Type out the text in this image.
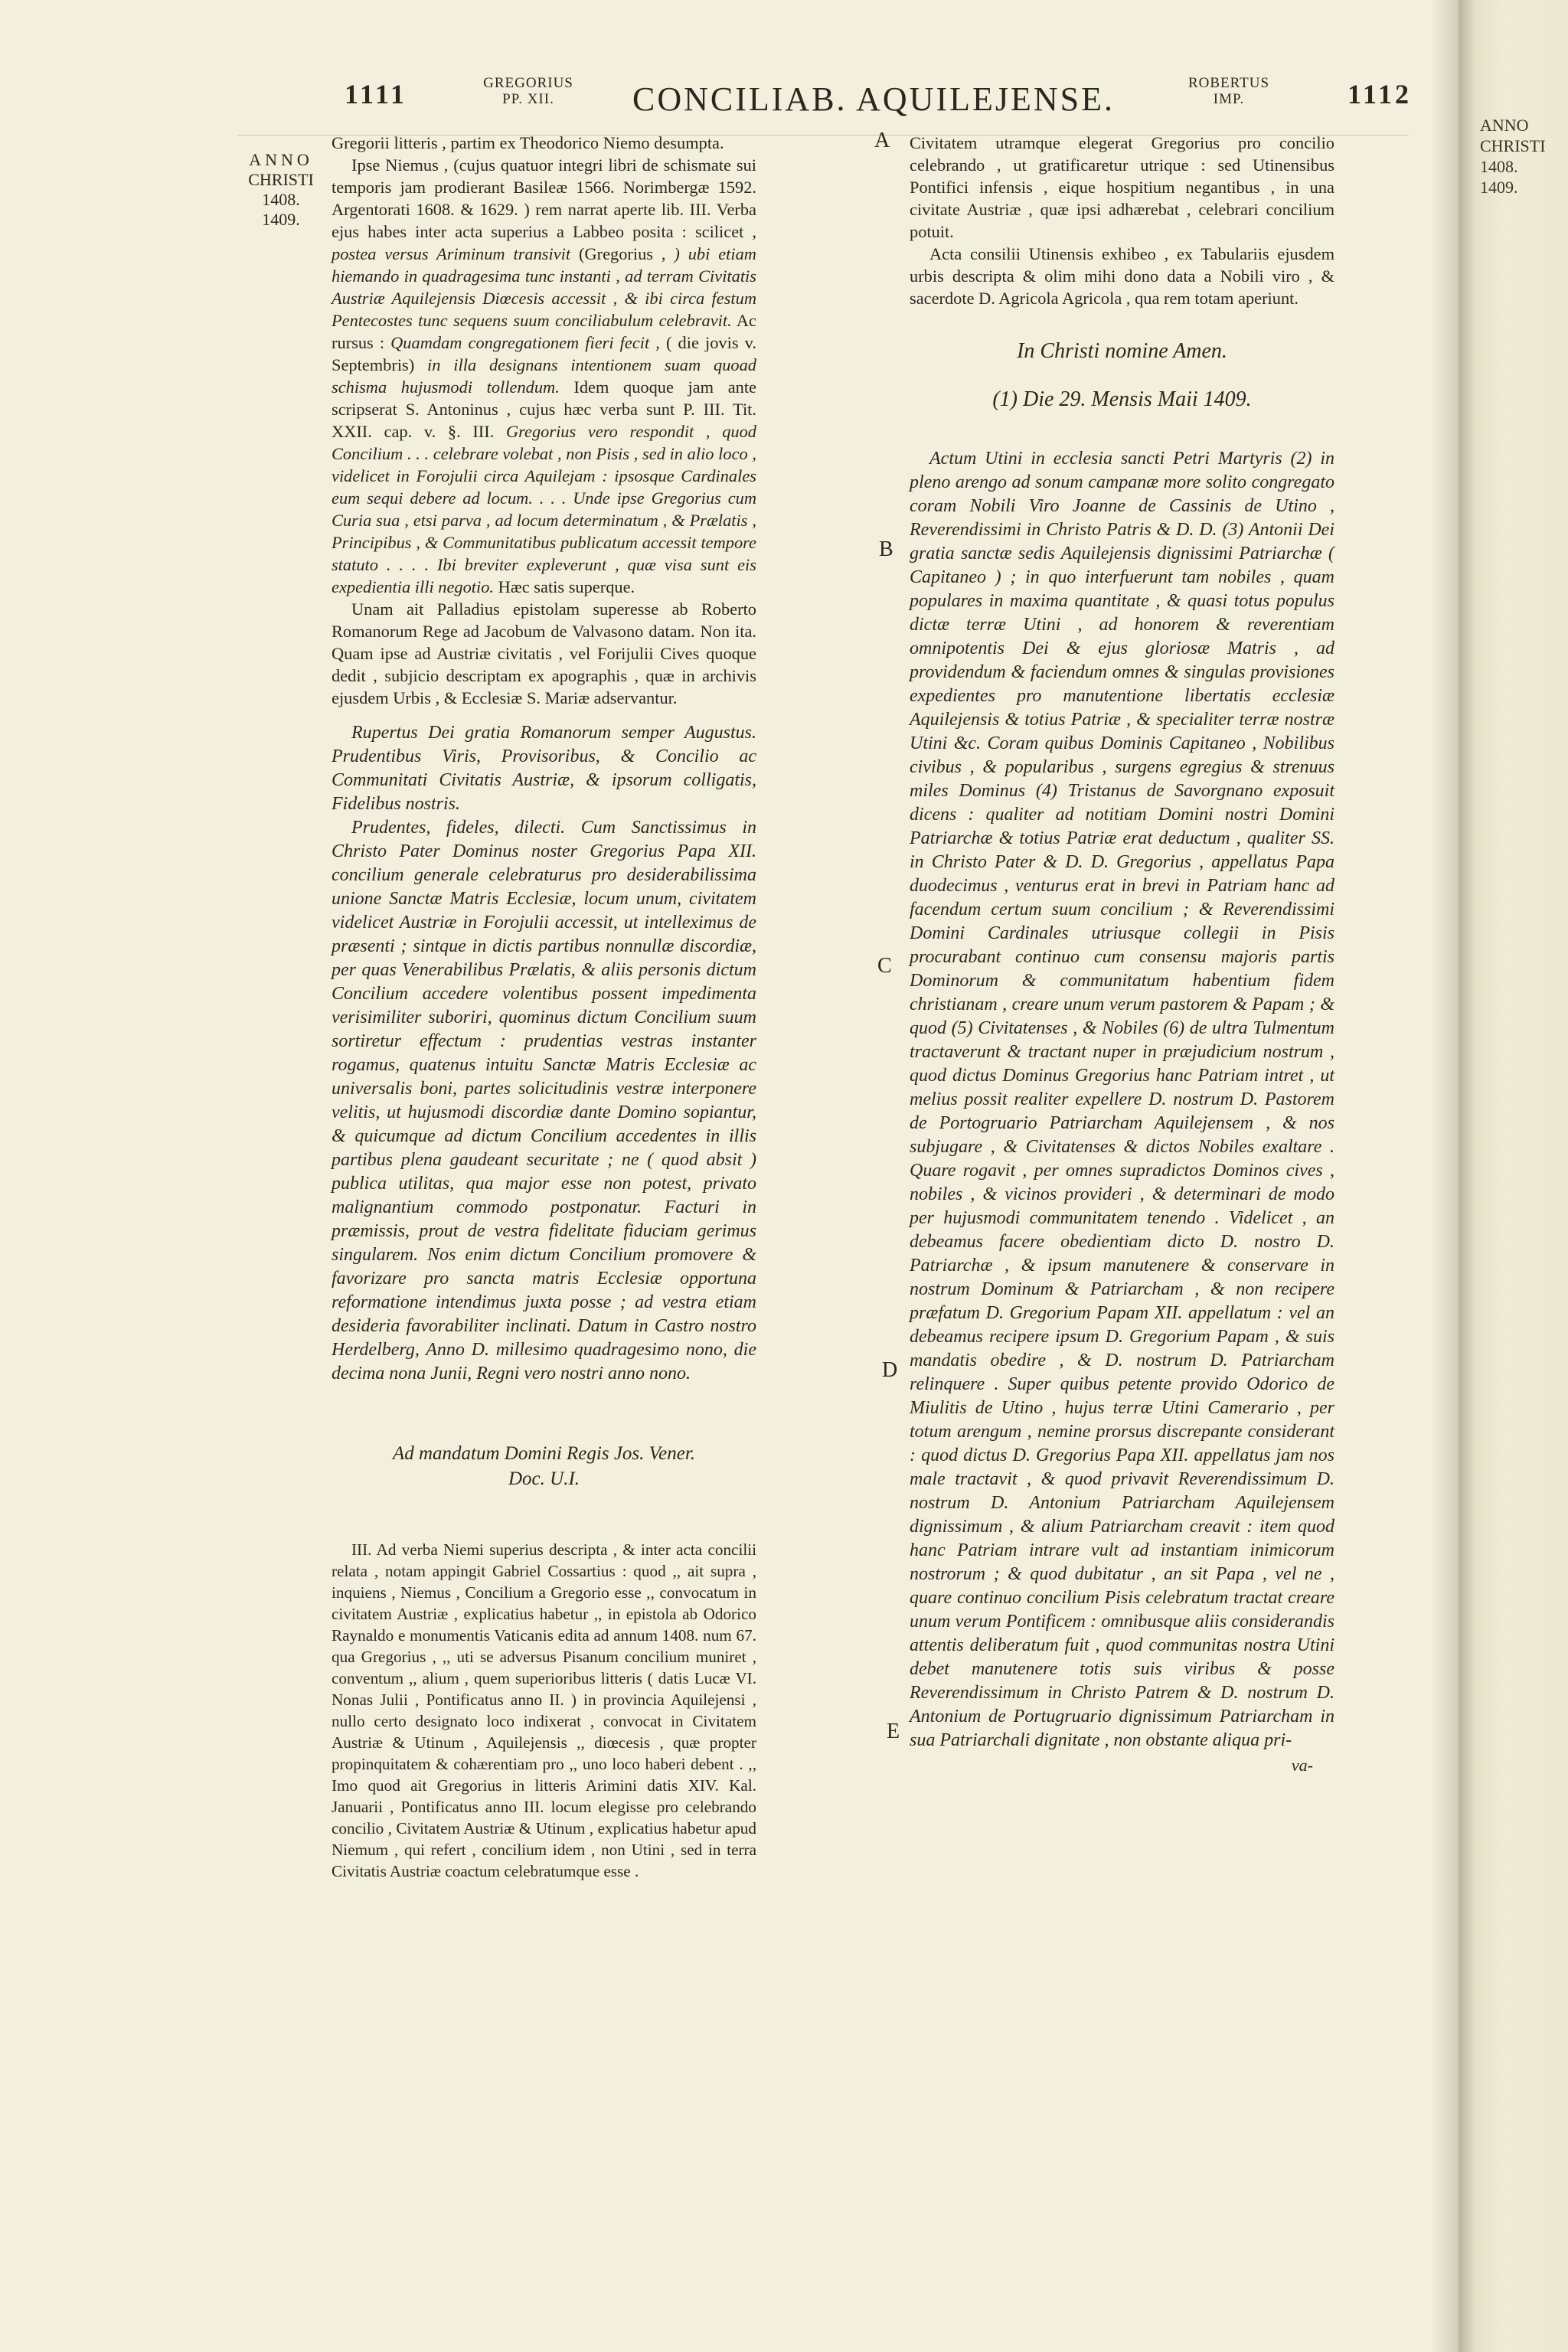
1111	GREGORIUS
PP. XII.	CONCILIAB. AQUILEJENSE.	ROBERTUS
IMP.	1112
ANNO
CHRISTI
1408.
1409.
A
B
C
D
E

Gregorii litteris , partim ex Theodorico Niemo desumpta.

Ipse Niemus , (cujus quatuor integri libri de schismate sui temporis jam prodierant Basileæ 1566. Norimbergæ 1592. Argentorati 1608. & 1629. ) rem narrat aperte lib. III. Verba ejus habes inter acta superius a Labbeo posita : scilicet , postea versus Ariminum transivit (Gregorius , ) ubi etiam hiemando in quadragesima tunc instanti , ad terram Civitatis Austriæ Aquilejensis Diœcesis accessit , & ibi circa festum Pentecostes tunc sequens suum conciliabulum celebravit. Ac rursus : Quamdam congregationem fieri fecit , ( die jovis v. Septembris) in illa designans intentionem suam quoad schisma hujusmodi tollendum. Idem quoque jam ante scripserat S. Antoninus , cujus hæc verba sunt P. III. Tit. XXII. cap. v. §. III. Gregorius vero respondit , quod Concilium . . . celebrare volebat , non Pisis , sed in alio loco , videlicet in Forojulii circa Aquilejam : ipsosque Cardinales eum sequi debere ad locum. . . . Unde ipse Gregorius cum Curia sua , etsi parva , ad locum determinatum , & Prælatis , Principibus , & Communitatibus publicatum accessit tempore statuto . . . . Ibi breviter expleverunt , quæ visa sunt eis expedientia illi negotio. Hæc satis superque.

Unam ait Palladius epistolam superesse ab Roberto Romanorum Rege ad Jacobum de Valvasono datam. Non ita. Quam ipse ad Austriæ civitatis , vel Forijulii Cives quoque dedit , subjicio descriptam ex apographis , quæ in archivis ejusdem Urbis , & Ecclesiæ S. Mariæ adservantur.

Rupertus Dei gratia Romanorum semper Augustus. Prudentibus Viris, Provisoribus, & Concilio ac Communitati Civitatis Austriæ, & ipsorum colligatis, Fidelibus nostris.

Prudentes, fideles, dilecti. Cum Sanctissimus in Christo Pater Dominus noster Gregorius Papa XII. concilium generale celebraturus pro desiderabilissima unione Sanctæ Matris Ecclesiæ, locum unum, civitatem videlicet Austriæ in Forojulii accessit, ut intelleximus de præsenti ; sintque in dictis partibus nonnullæ discordiæ, per quas Venerabilibus Prælatis, & aliis personis dictum Concilium accedere volentibus possent impedimenta verisimiliter suboriri, quominus dictum Concilium suum sortiretur effectum : prudentias vestras instanter rogamus, quatenus intuitu Sanctæ Matris Ecclesiæ ac universalis boni, partes solicitudinis vestræ interponere velitis, ut hujusmodi discordiæ dante Domino sopiantur, & quicumque ad dictum Concilium accedentes in illis partibus plena gaudeant securitate ; ne ( quod absit ) publica utilitas, qua major esse non potest, privato malignantium commodo postponatur. Facturi in præmissis, prout de vestra fidelitate fiduciam gerimus singularem. Nos enim dictum Concilium promovere & favorizare pro sancta matris Ecclesiæ opportuna reformatione intendimus juxta posse ; ad vestra etiam desideria favorabiliter inclinati. Datum in Castro nostro Herdelberg, Anno D. millesimo quadragesimo nono, die decima nona Junii, Regni vero nostri anno nono.

Ad mandatum Domini Regis Jos. Vener.
Doc. U.I.

III. Ad verba Niemi superius descripta , & inter acta concilii relata , notam appingit Gabriel Cossartius : quod ,, ait supra , inquiens , Niemus , Concilium a Gregorio esse ,, convocatum in civitatem Austriæ , explicatius habetur ,, in epistola ab Odorico Raynaldo e monumentis Vaticanis edita ad annum 1408. num 67. qua Gregorius , ,, uti se adversus Pisanum concilium muniret , conventum ,, alium , quem superioribus litteris ( datis Lucæ VI. Nonas Julii , Pontificatus anno II. ) in provincia Aquilejensi , nullo certo designato loco indixerat , convocat in Civitatem Austriæ & Utinum , Aquilejensis ,, diœcesis , quæ propter propinquitatem & cohærentiam pro ,, uno loco haberi debent . ,, Imo quod ait Gregorius in litteris Arimini datis XIV. Kal. Januarii , Pontificatus anno III. locum elegisse pro celebrando concilio , Civitatem Austriæ & Utinum , explicatius habetur apud Niemum , qui refert , concilium idem , non Utini , sed in terra Civitatis Austriæ coactum celebratumque esse .

Civitatem utramque elegerat Gregorius pro concilio celebrando , ut gratificaretur utrique : sed Utinensibus Pontifici infensis , eique hospitium negantibus , in una civitate Austriæ , quæ ipsi adhærebat , celebrari concilium potuit.

Acta consilii Utinensis exhibeo , ex Tabulariis ejusdem urbis descripta & olim mihi dono data a Nobili viro , & sacerdote D. Agricola Agricola , qua rem totam aperiunt.

In Christi nomine Amen.
(1) Die 29. Mensis Maii 1409.

Actum Utini in ecclesia sancti Petri Martyris (2) in pleno arengo ad sonum campanæ more solito congregato coram Nobili Viro Joanne de Cassinis de Utino , Reverendissimi in Christo Patris & D. D. (3) Antonii Dei gratia sanctæ sedis Aquilejensis dignissimi Patriarchæ ( Capitaneo ) ; in quo interfuerunt tam nobiles , quam populares in maxima quantitate , & quasi totus populus dictæ terræ Utini , ad honorem & reverentiam omnipotentis Dei & ejus gloriosæ Matris , ad providendum & faciendum omnes & singulas provisiones expedientes pro manutentione libertatis ecclesiæ Aquilejensis & totius Patriæ , & specialiter terræ nostræ Utini &c. Coram quibus Dominis Capitaneo , Nobilibus civibus , & popularibus , surgens egregius & strenuus miles Dominus (4) Tristanus de Savorgnano exposuit dicens : qualiter ad notitiam Domini nostri Domini Patriarchæ & totius Patriæ erat deductum , qualiter SS. in Christo Pater & D. D. Gregorius , appellatus Papa duodecimus , venturus erat in brevi in Patriam hanc ad facendum certum suum concilium ; & Reverendissimi Domini Cardinales utriusque collegii in Pisis procurabant continuo cum consensu majoris partis Dominorum & communitatum habentium fidem christianam , creare unum verum pastorem & Papam ; & quod (5) Civitatenses , & Nobiles (6) de ultra Tulmentum tractaverunt & tractant nuper in præjudicium nostrum , quod dictus Dominus Gregorius hanc Patriam intret , ut melius possit realiter expellere D. nostrum D. Pastorem de Portogruario Patriarcham Aquilejensem , & nos subjugare , & Civitatenses & dictos Nobiles exaltare . Quare rogavit , per omnes supradictos Dominos cives , nobiles , & vicinos provideri , & determinari de modo per hujusmodi communitatem tenendo . Videlicet , an debeamus facere obedientiam dicto D. nostro D. Patriarchæ , & ipsum manutenere & conservare in nostrum Dominum & Patriarcham , & non recipere præfatum D. Gregorium Papam XII. appellatum : vel an debeamus recipere ipsum D. Gregorium Papam , & suis mandatis obedire , & D. nostrum D. Patriarcham relinquere . Super quibus petente provido Odorico de Miulitis de Utino , hujus terræ Utini Camerario , per totum arengum , nemine prorsus discrepante considerant : quod dictus D. Gregorius Papa XII. appellatus jam nos male tractavit , & quod privavit Reverendissimum D. nostrum D. Antonium Patriarcham Aquilejensem dignissimum , & alium Patriarcham creavit : item quod hanc Patriam intrare vult ad instantiam inimicorum nostrorum ; & quod dubitatur , an sit Papa , vel ne , quare continuo concilium Pisis celebratum tractat creare unum verum Pontificem : omnibusque aliis considerandis attentis deliberatum fuit , quod communitas nostra Utini debet manutenere totis suis viribus & posse Reverendissimum in Christo Patrem & D. nostrum D. Antonium de Portugruario dignissimum Patriarcham in sua Patriarchali dignitate , non obstante aliqua pri-

va-
ANNO
CHRISTI
1408.
1409.
